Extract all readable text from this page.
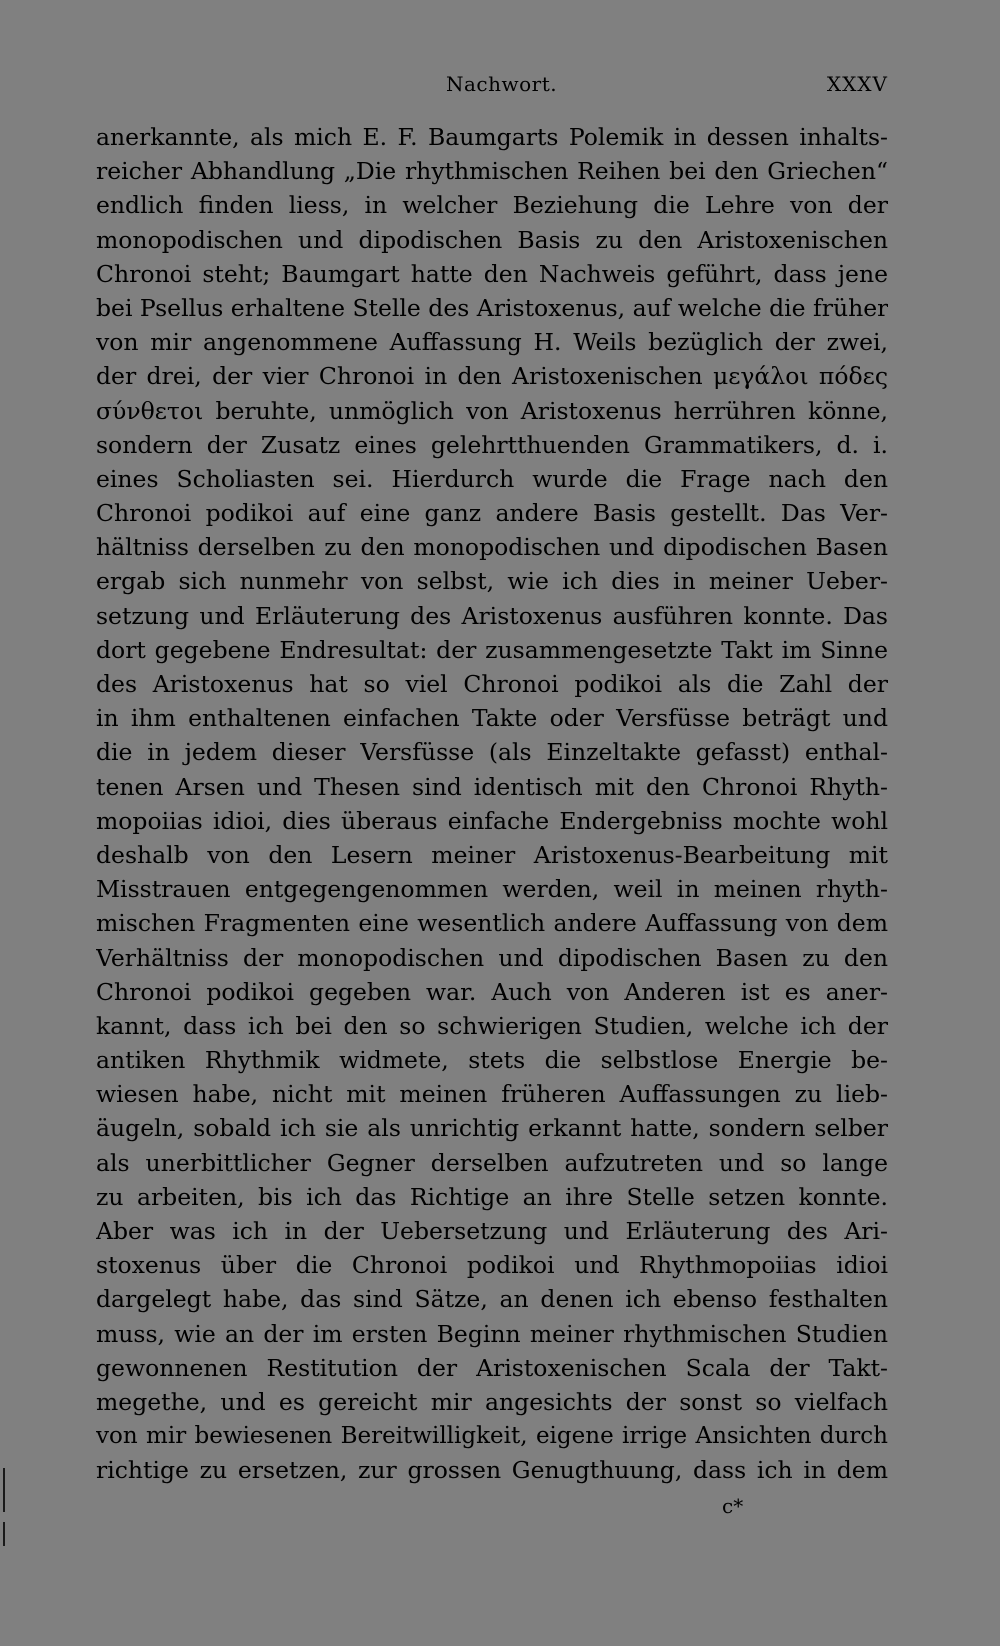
Nachwort.	XXXV
anerkannte, als mich E. F. Baumgarts Polemik in dessen inhalts-
reicher Abhandlung „Die rhythmischen Reihen bei den Griechen“
endlich finden liess, in welcher Beziehung die Lehre von der
monopodischen und dipodischen Basis zu den Aristoxenischen
Chronoi steht; Baumgart hatte den Nachweis geführt, dass jene
bei Psellus erhaltene Stelle des Aristoxenus, auf welche die früher
von mir angenommene Auffassung H. Weils bezüglich der zwei,
der drei, der vier Chronoi in den Aristoxenischen μεγάλοι πόδες
σύνθετοι beruhte, unmöglich von Aristoxenus herrühren könne,
sondern der Zusatz eines gelehrtthuenden Grammatikers, d. i.
eines Scholiasten sei. Hierdurch wurde die Frage nach den
Chronoi podikoi auf eine ganz andere Basis gestellt. Das Ver-
hältniss derselben zu den monopodischen und dipodischen Basen
ergab sich nunmehr von selbst, wie ich dies in meiner Ueber-
setzung und Erläuterung des Aristoxenus ausführen konnte. Das
dort gegebene Endresultat: der zusammengesetzte Takt im Sinne
des Aristoxenus hat so viel Chronoi podikoi als die Zahl der
in ihm enthaltenen einfachen Takte oder Versfüsse beträgt und
die in jedem dieser Versfüsse (als Einzeltakte gefasst) enthal-
tenen Arsen und Thesen sind identisch mit den Chronoi Rhyth-
mopoiias idioi, dies überaus einfache Endergebniss mochte wohl
deshalb von den Lesern meiner Aristoxenus-Bearbeitung mit
Misstrauen entgegengenommen werden, weil in meinen rhyth-
mischen Fragmenten eine wesentlich andere Auffassung von dem
Verhältniss der monopodischen und dipodischen Basen zu den
Chronoi podikoi gegeben war. Auch von Anderen ist es aner-
kannt, dass ich bei den so schwierigen Studien, welche ich der
antiken Rhythmik widmete, stets die selbstlose Energie be-
wiesen habe, nicht mit meinen früheren Auffassungen zu lieb-
äugeln, sobald ich sie als unrichtig erkannt hatte, sondern selber
als unerbittlicher Gegner derselben aufzutreten und so lange
zu arbeiten, bis ich das Richtige an ihre Stelle setzen konnte.
Aber was ich in der Uebersetzung und Erläuterung des Ari-
stoxenus über die Chronoi podikoi und Rhythmopoiias idioi
dargelegt habe, das sind Sätze, an denen ich ebenso festhalten
muss, wie an der im ersten Beginn meiner rhythmischen Studien
gewonnenen Restitution der Aristoxenischen Scala der Takt-
megethe, und es gereicht mir angesichts der sonst so vielfach
von mir bewiesenen Bereitwilligkeit, eigene irrige Ansichten durch
richtige zu ersetzen, zur grossen Genugthuung, dass ich in dem
c*
